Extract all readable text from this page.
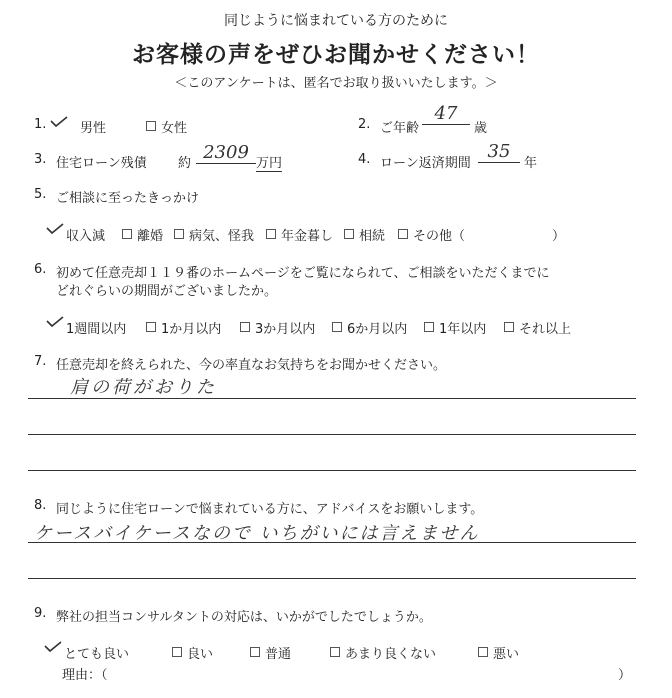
同じように悩まれている方のために
お客様の声をぜひお聞かせください！
＜このアンケートは、匿名でお取り扱いいたします。＞
1.	男性	女性	2. ご年齢
47
歳
3. 住宅ローン残債 約
2309
万円	4. ローン返済期間
35
年
5. ご相談に至ったきっかけ
収入減	離婚	病気、怪我	年金暮し	相続	その他（	）
6. 初めて任意売却１１９番のホームページをご覧になられて、ご相談をいただくまでに
どれぐらいの期間がございましたか。
1週間以内	1か月以内	3か月以内	6か月以内	1年以内	それ以上
7. 任意売却を終えられた、今の率直なお気持ちをお聞かせください。
肩の荷がおりた
8. 同じように住宅ローンで悩まれている方に、アドバイスをお願いします。
ケースバイケースなので いちがいには言えません
9. 弊社の担当コンサルタントの対応は、いかがでしたでしょうか。
とても良い	良い	普通	あまり良くない	悪い
理由：（	）
